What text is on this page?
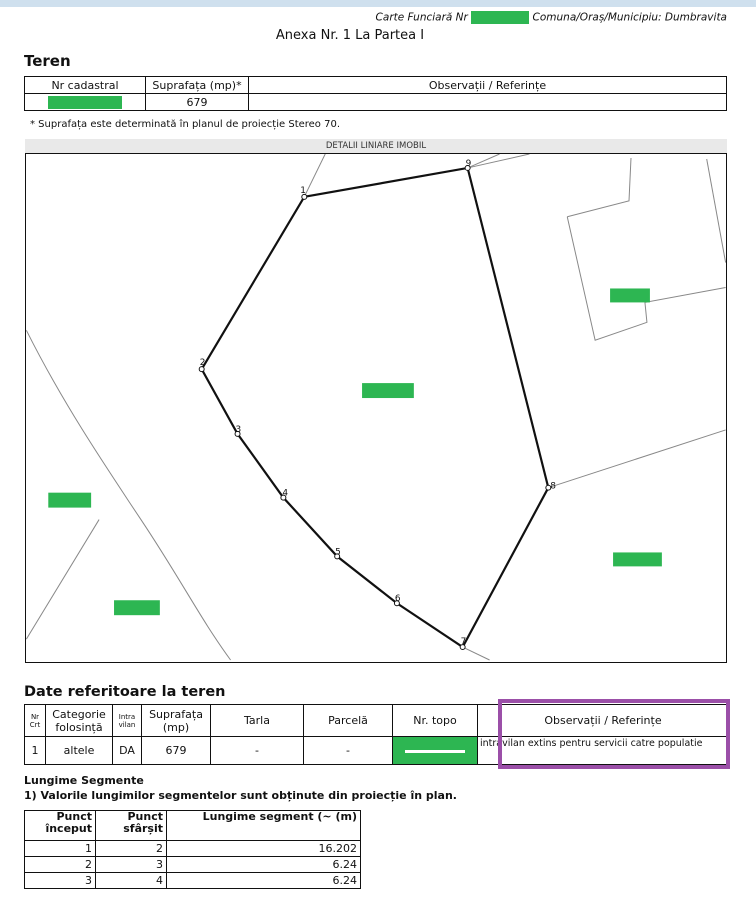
Carte Funciară Nr	Comuna/Oraș/Municipiu: Dumbravita
Anexa Nr. 1 La Partea I
Teren
Nr cadastral	Suprafața (mp)*	Observații / Referințe
	679	
* Suprafața este determinată în planul de proiecție Stereo 70.
DETALII LINIARE IMOBIL
1
2
3
4
5
6
7
8
9
Date referitoare la teren
Nr Crt	Categorie folosință	Intra vilan	Suprafața (mp)	Tarla	Parcelă	Nr. topo	Observații / Referințe
1	altele	DA	679	-	-		intravilan extins pentru servicii catre populatie
Lungime Segmente
1) Valorile lungimilor segmentelor sunt obținute din proiecție în plan.
Punct început	Punct sfârșit	Lungime segment (~ (m)
1	2	16.202
2	3	6.24
3	4	6.24
